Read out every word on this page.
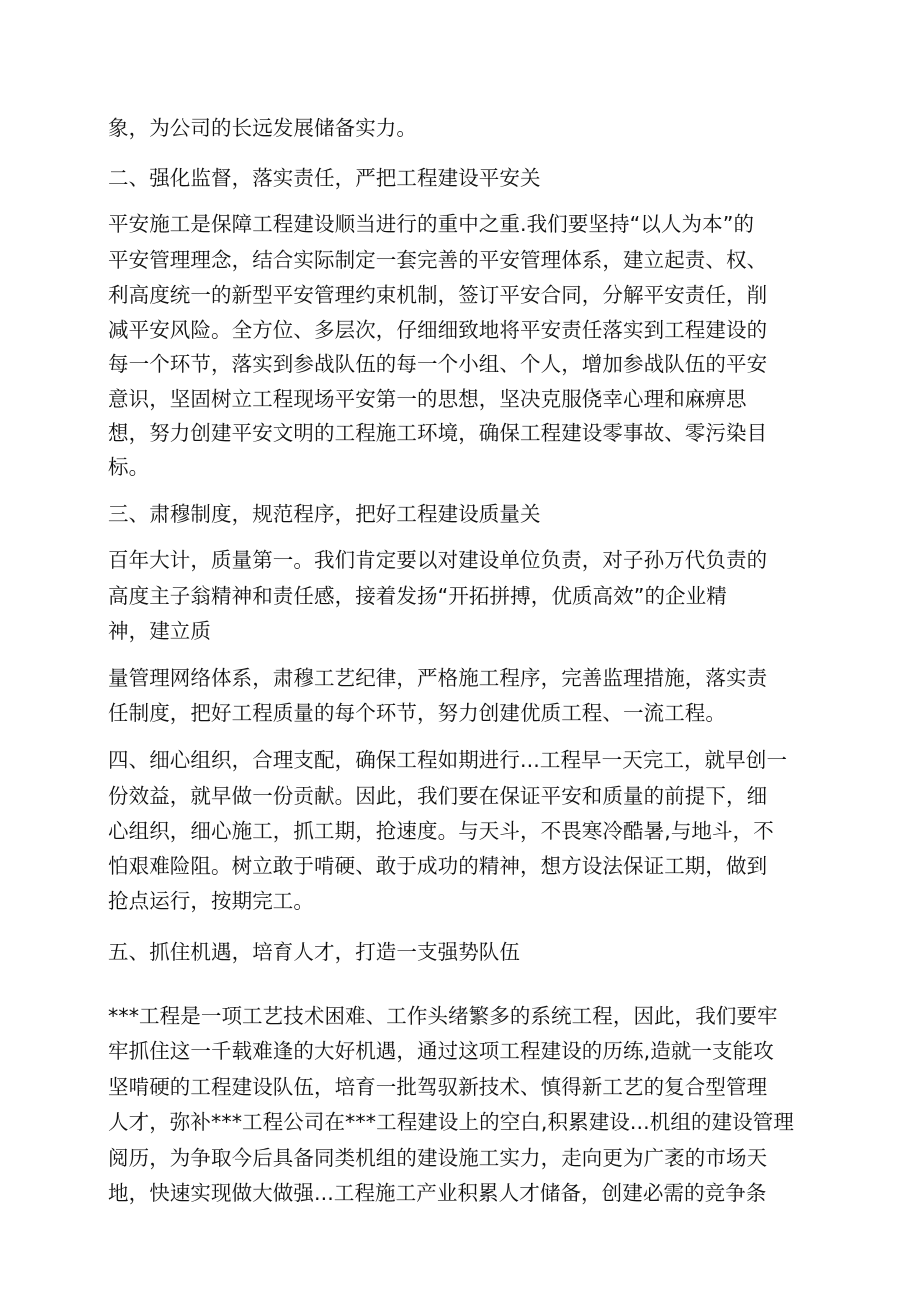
象，为公司的长远发展储备实力。
二、强化监督，落实责任，严把工程建设平安关
平安施工是保障工程建设顺当进行的重中之重.我们要坚持“以人为本”的
平安管理理念，结合实际制定一套完善的平安管理体系，建立起责、权、
利高度统一的新型平安管理约束机制，签订平安合同，分解平安责任，削
减平安风险。全方位、多层次，仔细细致地将平安责任落实到工程建设的
每一个环节，落实到参战队伍的每一个小组、个人，增加参战队伍的平安
意识，坚固树立工程现场平安第一的思想，坚决克服侥幸心理和麻痹思
想，努力创建平安文明的工程施工环境，确保工程建设零事故、零污染目
标。
三、肃穆制度，规范程序，把好工程建设质量关
百年大计，质量第一。我们肯定要以对建设单位负责，对子孙万代负责的
高度主子翁精神和责任感，接着发扬“开拓拼搏，优质高效”的企业精
神，建立质
量管理网络体系，肃穆工艺纪律，严格施工程序，完善监理措施，落实责
任制度，把好工程质量的每个环节，努力创建优质工程、一流工程。
四、细心组织，合理支配，确保工程如期进行...工程早一天完工，就早创一
份效益，就早做一份贡献。因此，我们要在保证平安和质量的前提下，细
心组织，细心施工，抓工期，抢速度。与天斗，不畏寒冷酷暑,与地斗，不
怕艰难险阻。树立敢于啃硬、敢于成功的精神，想方设法保证工期，做到
抢点运行，按期完工。
五、抓住机遇，培育人才，打造一支强势队伍
***工程是一项工艺技术困难、工作头绪繁多的系统工程，因此，我们要牢
牢抓住这一千载难逢的大好机遇，通过这项工程建设的历练,造就一支能攻
坚啃硬的工程建设队伍，培育一批驾驭新技术、慎得新工艺的复合型管理
人才，弥补***工程公司在***工程建设上的空白,积累建设...机组的建设管理
阅历，为争取今后具备同类机组的建设施工实力，走向更为广袤的市场天
地，快速实现做大做强...工程施工产业积累人才储备，创建必需的竞争条
